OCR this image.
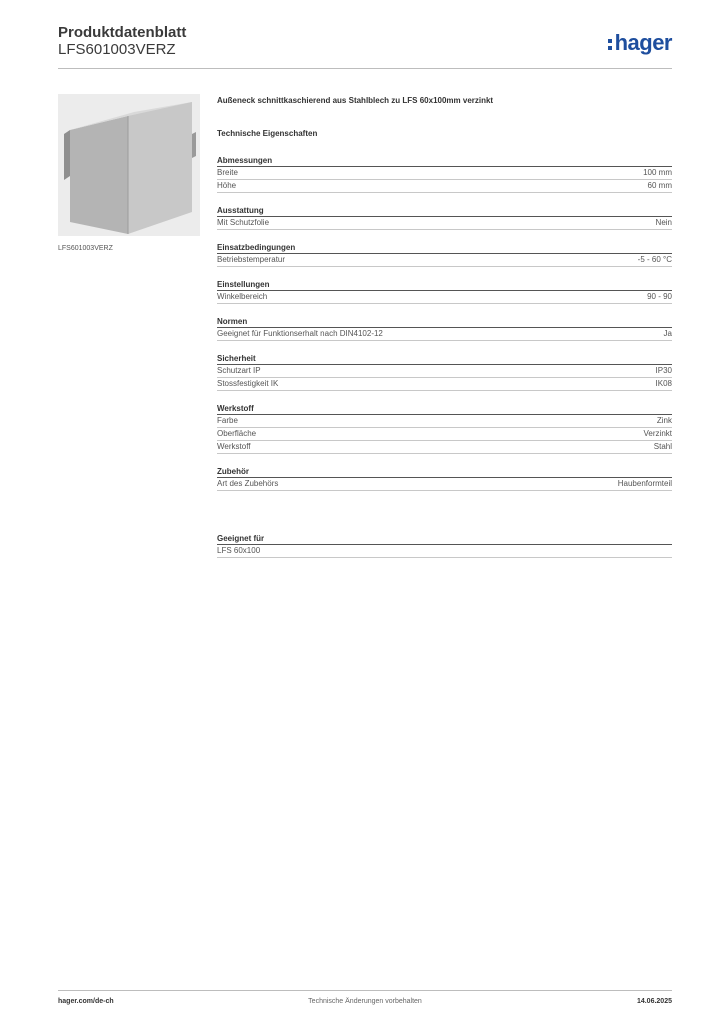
Produktdatenblatt
LFS601003VERZ	hager
LFS601003VERZ
Außeneck schnittkaschierend aus Stahlblech zu LFS 60x100mm verzinkt
Technische Eigenschaften
Abmessungen
Breite	100 mm
Höhe	60 mm
Ausstattung
Mit Schutzfolie	Nein
Einsatzbedingungen
Betriebstemperatur	-5 - 60 °C
Einstellungen
Winkelbereich	90 - 90
Normen
Geeignet für Funktionserhalt nach DIN4102-12	Ja
Sicherheit
Schutzart IP	IP30
Stossfestigkeit IK	IK08
Werkstoff
Farbe	Zink
Oberfläche	Verzinkt
Werkstoff	Stahl
Zubehör
Art des Zubehörs	Haubenformteil
Geeignet für
LFS 60x100
hager.com/de-ch	Technische Änderungen vorbehalten	14.06.2025
